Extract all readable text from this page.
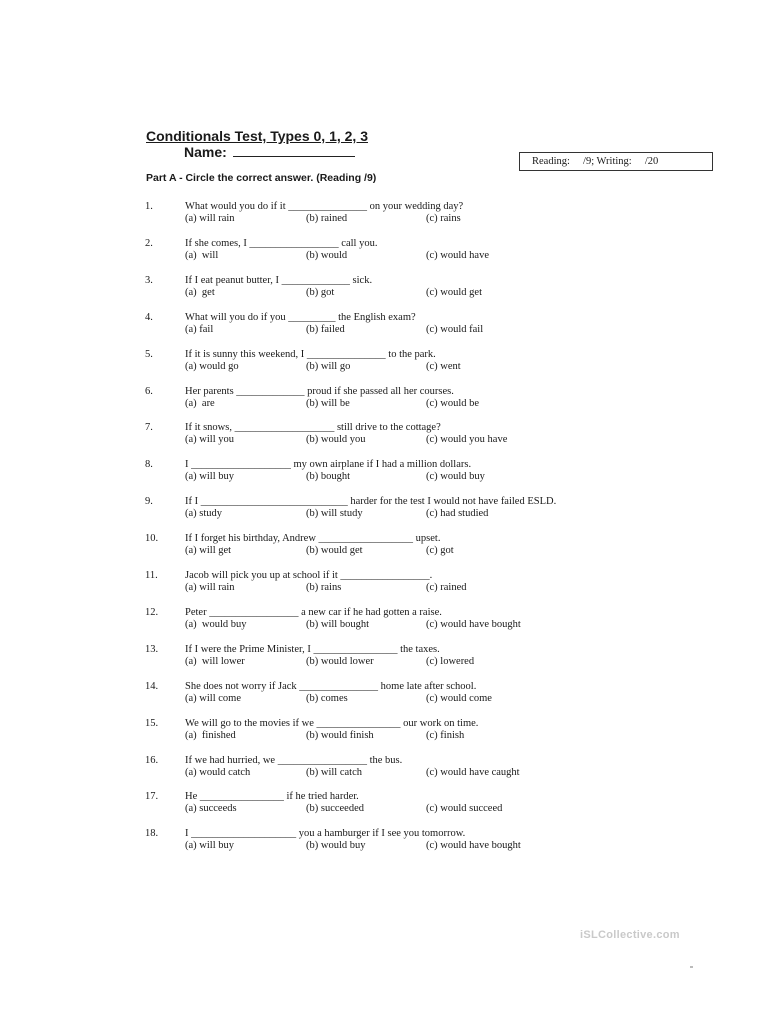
Conditionals Test, Types 0, 1, 2, 3
Name:
Reading:     /9; Writing:     /20
Part A - Circle the correct answer. (Reading /9)
1.	What would you do if it _______________ on your wedding day?
(a) will rain	(b) rained	(c) rains
2.	If she comes, I _________________ call you.
(a)  will	(b) would	(c) would have
3.	If I eat peanut butter, I _____________ sick.
(a)  get	(b) got	(c) would get
4.	What will you do if you _________ the English exam?
(a) fail	(b) failed	(c) would fail
5.	If it is sunny this weekend, I _______________ to the park.
(a) would go	(b) will go	(c) went
6.	Her parents _____________ proud if she passed all her courses.
(a)  are	(b) will be	(c) would be
7.	If it snows, ___________________ still drive to the cottage?
(a) will you	(b) would you	(c) would you have
8.	I ___________________ my own airplane if I had a million dollars.
(a) will buy	(b) bought	(c) would buy
9.	If I ____________________________ harder for the test I would not have failed ESLD.
(a) study	(b) will study	(c) had studied
10.	If I forget his birthday, Andrew __________________ upset.
(a) will get	(b) would get	(c) got
11.	Jacob will pick you up at school if it _________________.
(a) will rain	(b) rains	(c) rained
12.	Peter _________________ a new car if he had gotten a raise.
(a)  would buy	(b) will bought	(c) would have bought
13.	If I were the Prime Minister, I ________________ the taxes.
(a)  will lower	(b) would lower	(c) lowered
14.	She does not worry if Jack _______________ home late after school.
(a) will come	(b) comes	(c) would come
15.	We will go to the movies if we ________________ our work on time.
(a)  finished	(b) would finish	(c) finish
16.	If we had hurried, we _________________ the bus.
(a) would catch	(b) will catch	(c) would have caught
17.	He ________________ if he tried harder.
(a) succeeds	(b) succeeded	(c) would succeed
18.	I ____________________ you a hamburger if I see you tomorrow.
(a) will buy	(b) would buy	(c) would have bought
iSLCollective.com
